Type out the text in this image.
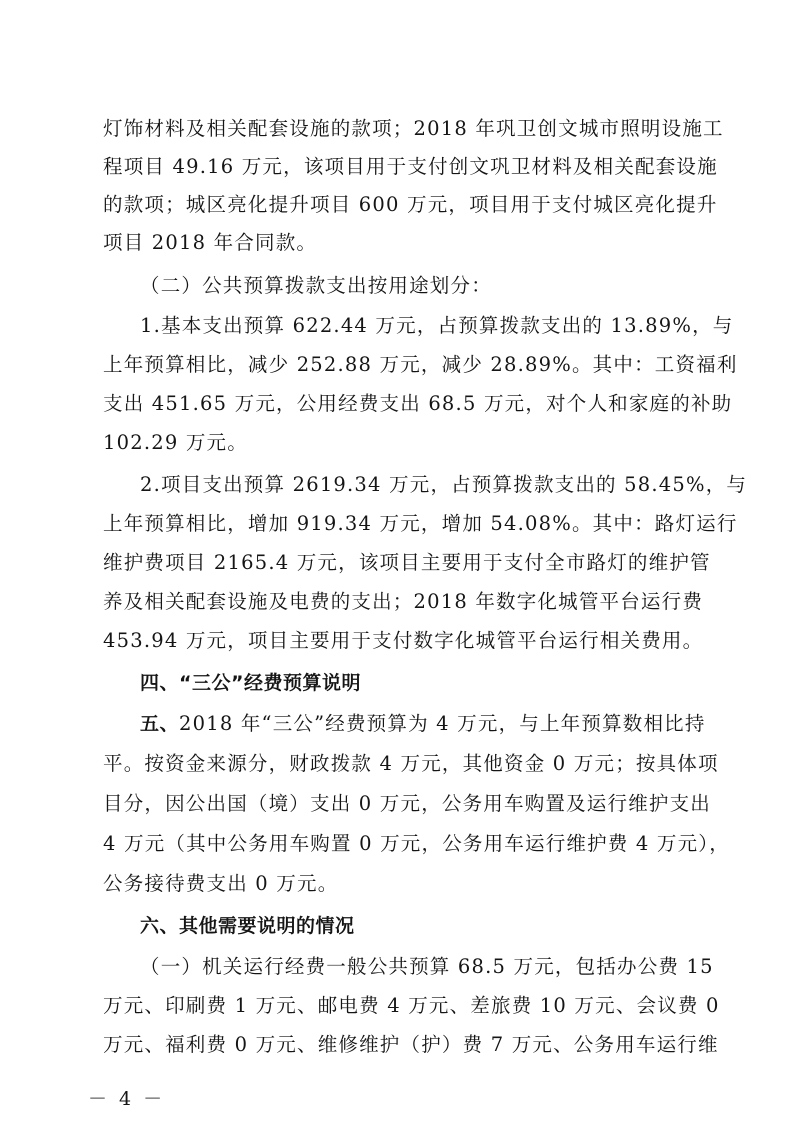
灯饰材料及相关配套设施的款项；2018 年巩卫创文城市照明设施工
程项目 49.16 万元，该项目用于支付创文巩卫材料及相关配套设施
的款项；城区亮化提升项目 600 万元，项目用于支付城区亮化提升
项目 2018 年合同款。
（二）公共预算拨款支出按用途划分：
1.基本支出预算 622.44 万元，占预算拨款支出的 13.89%，与
上年预算相比，减少 252.88 万元，减少 28.89%。其中：工资福利
支出 451.65 万元，公用经费支出 68.5 万元，对个人和家庭的补助
102.29 万元。
2.项目支出预算 2619.34 万元，占预算拨款支出的 58.45%，与
上年预算相比，增加 919.34 万元，增加 54.08%。其中：路灯运行
维护费项目 2165.4 万元，该项目主要用于支付全市路灯的维护管
养及相关配套设施及电费的支出；2018 年数字化城管平台运行费
453.94 万元，项目主要用于支付数字化城管平台运行相关费用。
四、“三公”经费预算说明
五、2018 年“三公”经费预算为 4 万元，与上年预算数相比持
平。按资金来源分，财政拨款 4 万元，其他资金 0 万元；按具体项
目分，因公出国（境）支出 0 万元，公务用车购置及运行维护支出
4 万元（其中公务用车购置 0 万元，公务用车运行维护费 4 万元），
公务接待费支出 0 万元。
六、其他需要说明的情况
（一）机关运行经费一般公共预算 68.5 万元，包括办公费 15
万元、印刷费 1 万元、邮电费 4 万元、差旅费 10 万元、会议费 0
万元、福利费 0 万元、维修维护（护）费 7 万元、公务用车运行维
－ 4 －
